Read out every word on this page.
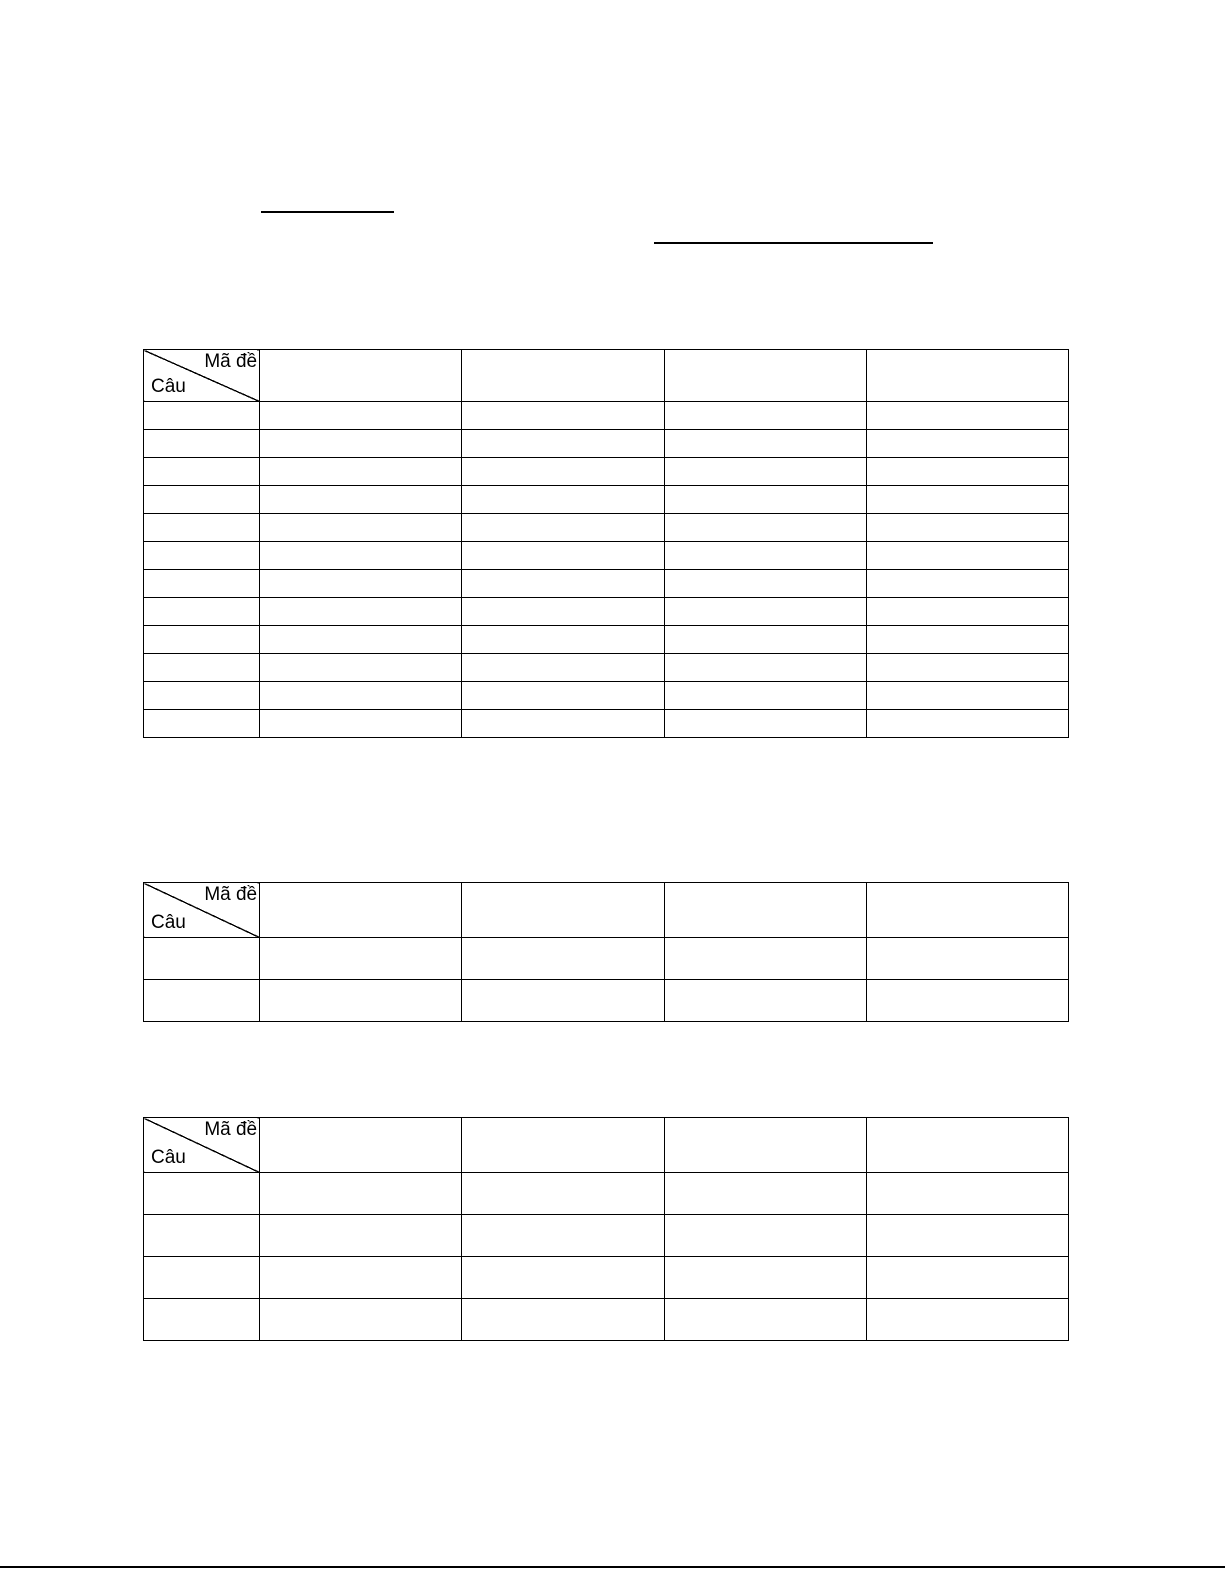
Mã đề
Câu				

Mã đề
Câu				

Mã đề
Câu				
